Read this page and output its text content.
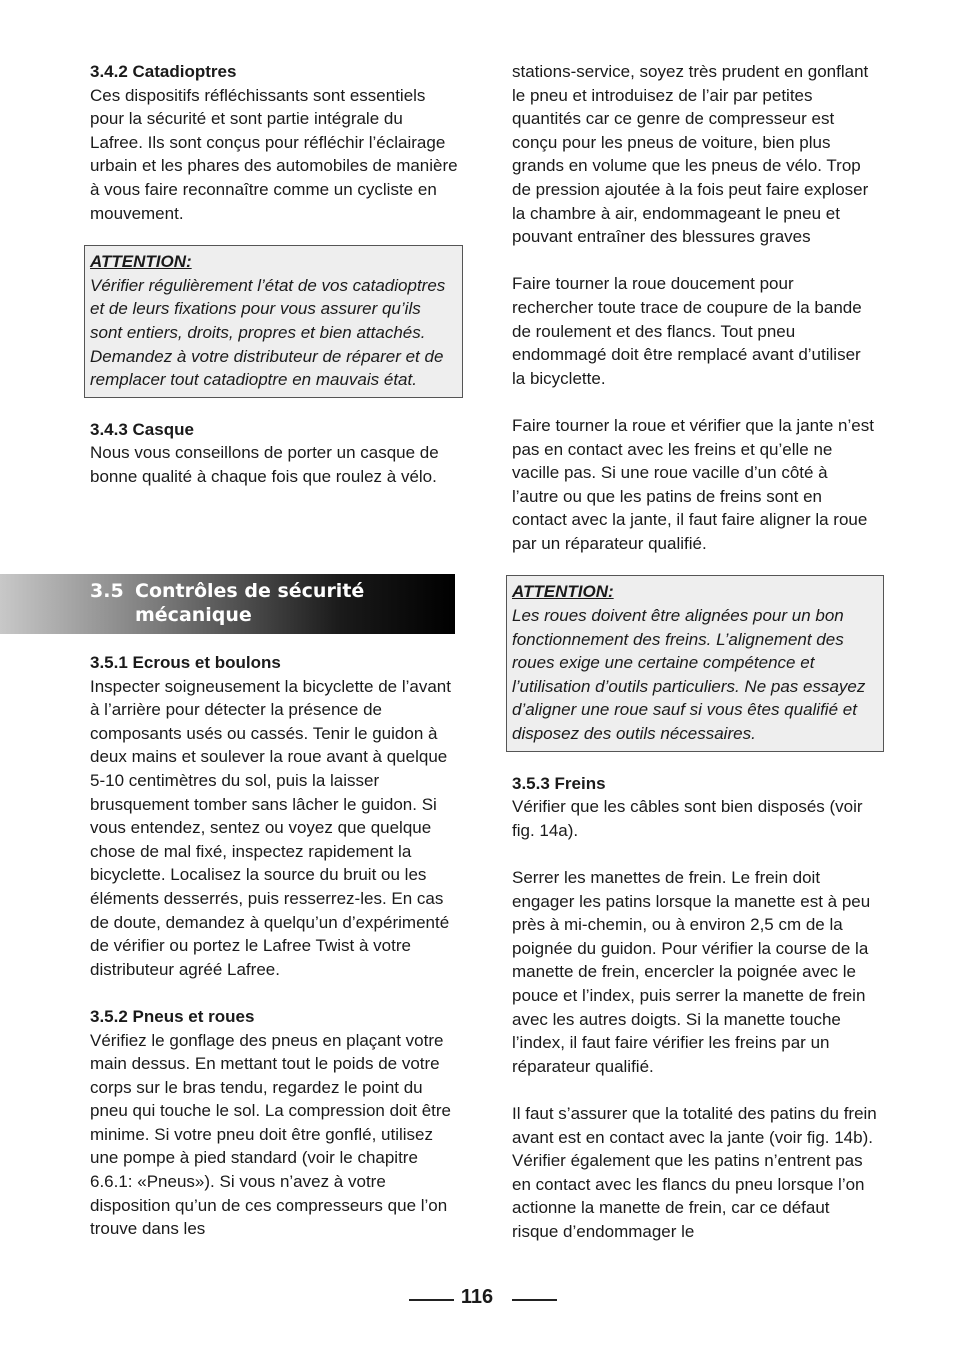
3.4.2 Catadioptres

Ces dispositifs réfléchissants sont essentiels pour la sécurité et sont partie intégrale du Lafree. Ils sont conçus pour réfléchir l’éclairage urbain et les phares des automobiles de manière à vous faire reconnaître comme un cycliste en mouvement.

ATTENTION:

Vérifier régulièrement l’état de vos catadioptres et de leurs fixations pour vous assurer qu’ils sont entiers, droits, propres et bien attachés. Demandez à votre distributeur de réparer et de remplacer tout catadioptre en mauvais état.

3.4.3 Casque

Nous vous conseillons de porter un casque de bonne qualité à chaque fois que roulez à vélo.

3.5 Contrôles de sécurité
mécanique

3.5.1 Ecrous et boulons

Inspecter soigneusement la bicyclette de l’avant à l’arrière pour détecter la présence de composants usés ou cassés. Tenir le guidon à deux mains et soulever la roue avant à quelque 5-10 centimètres du sol, puis la laisser brusquement tomber sans lâcher le guidon. Si vous entendez, sentez ou voyez que quelque chose de mal fixé, inspectez rapidement la bicyclette. Localisez la source du bruit ou les éléments desserrés, puis resserrez-les. En cas de doute, demandez à quelqu’un d’expérimenté de vérifier ou portez le Lafree Twist à votre distributeur agréé Lafree.

3.5.2 Pneus et roues

Vérifiez le gonflage des pneus en plaçant votre main dessus. En mettant tout le poids de votre corps sur le bras tendu, regardez le point du pneu qui touche le sol. La compression doit être minime. Si votre pneu doit être gonflé, utilisez une pompe à pied standard (voir le chapitre 6.6.1: «Pneus»). Si vous n’avez à votre disposition qu’un de ces compresseurs que l’on trouve dans les

stations-service, soyez très prudent en gonflant le pneu et introduisez de l’air par petites quantités car ce genre de compresseur est conçu pour les pneus de voiture, bien plus grands en volume que les pneus de vélo. Trop de pression ajoutée à la fois peut faire exploser la chambre à air, endommageant le pneu et pouvant entraîner des blessures graves

Faire tourner la roue doucement pour rechercher toute trace de coupure de la bande de roulement et des flancs. Tout pneu endommagé doit être remplacé avant d’utiliser la bicyclette.

Faire tourner la roue et vérifier que la jante n’est pas en contact avec les freins et qu’elle ne vacille pas. Si une roue vacille d’un côté à l’autre ou que les patins de freins sont en contact avec la jante, il faut faire aligner la roue par un réparateur qualifié.

ATTENTION:

Les roues doivent être alignées pour un bon fonctionnement des freins. L’alignement des roues exige une certaine compétence et l’utilisation d’outils particuliers. Ne pas essayez d’aligner une roue sauf si vous êtes qualifié et disposez des outils nécessaires.

3.5.3 Freins

Vérifier que les câbles sont bien disposés (voir fig. 14a).

Serrer les manettes de frein. Le frein doit engager les patins lorsque la manette est à peu près à mi-chemin, ou à environ 2,5 cm de la poignée du guidon. Pour vérifier la course de la manette de frein, encercler la poignée avec le pouce et l’index, puis serrer la manette de frein avec les autres doigts. Si la manette touche l’index, il faut faire vérifier les freins par un réparateur qualifié.

Il faut s’assurer que la totalité des patins du frein avant est en contact avec la jante (voir fig. 14b). Vérifier également que les patins n’entrent pas en contact avec les flancs du pneu lorsque l’on actionne la manette de frein, car ce défaut risque d’endommager le

116
